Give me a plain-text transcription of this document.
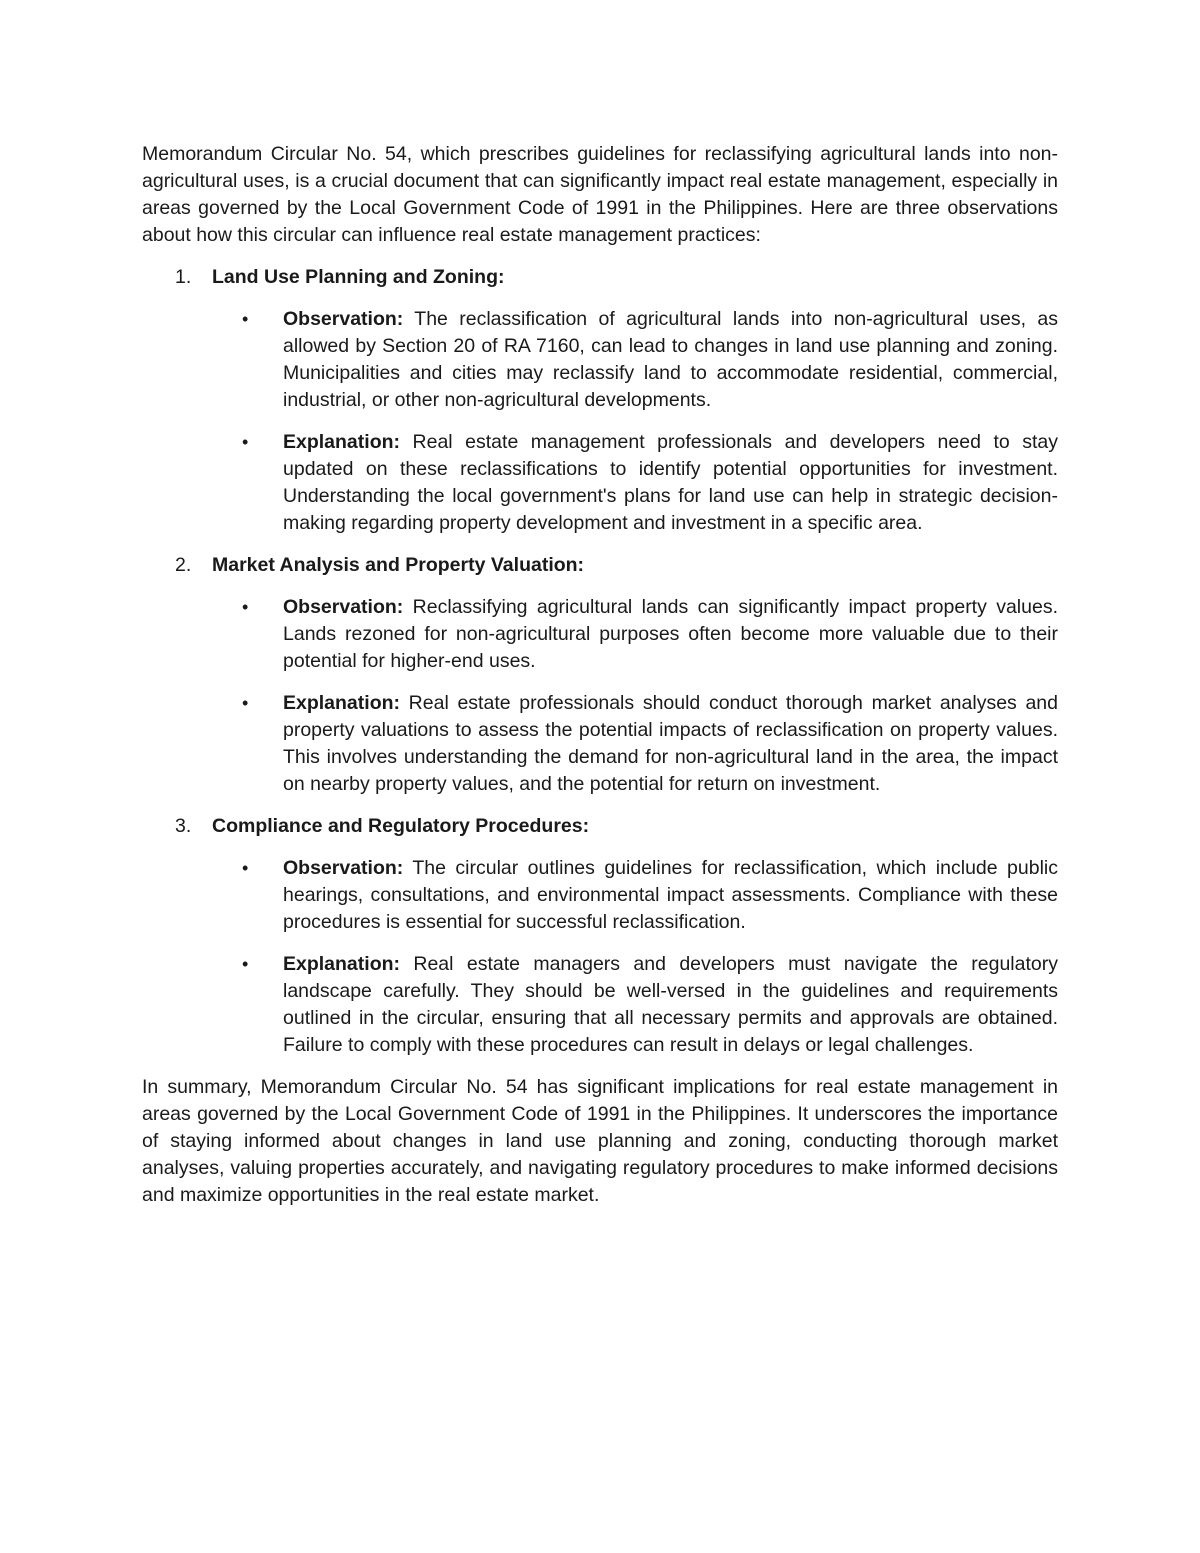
Memorandum Circular No. 54, which prescribes guidelines for reclassifying agricultural lands into non-agricultural uses, is a crucial document that can significantly impact real estate management, especially in areas governed by the Local Government Code of 1991 in the Philippines. Here are three observations about how this circular can influence real estate management practices:

1.	Land Use Planning and Zoning:
•	Observation: The reclassification of agricultural lands into non-agricultural uses, as allowed by Section 20 of RA 7160, can lead to changes in land use planning and zoning. Municipalities and cities may reclassify land to accommodate residential, commercial, industrial, or other non-agricultural developments.
•	Explanation: Real estate management professionals and developers need to stay updated on these reclassifications to identify potential opportunities for investment. Understanding the local government's plans for land use can help in strategic decision-making regarding property development and investment in a specific area.
2.	Market Analysis and Property Valuation:
•	Observation: Reclassifying agricultural lands can significantly impact property values. Lands rezoned for non-agricultural purposes often become more valuable due to their potential for higher-end uses.
•	Explanation: Real estate professionals should conduct thorough market analyses and property valuations to assess the potential impacts of reclassification on property values. This involves understanding the demand for non-agricultural land in the area, the impact on nearby property values, and the potential for return on investment.
3.	Compliance and Regulatory Procedures:
•	Observation: The circular outlines guidelines for reclassification, which include public hearings, consultations, and environmental impact assessments. Compliance with these procedures is essential for successful reclassification.
•	Explanation: Real estate managers and developers must navigate the regulatory landscape carefully. They should be well-versed in the guidelines and requirements outlined in the circular, ensuring that all necessary permits and approvals are obtained. Failure to comply with these procedures can result in delays or legal challenges.

In summary, Memorandum Circular No. 54 has significant implications for real estate management in areas governed by the Local Government Code of 1991 in the Philippines. It underscores the importance of staying informed about changes in land use planning and zoning, conducting thorough market analyses, valuing properties accurately, and navigating regulatory procedures to make informed decisions and maximize opportunities in the real estate market.
